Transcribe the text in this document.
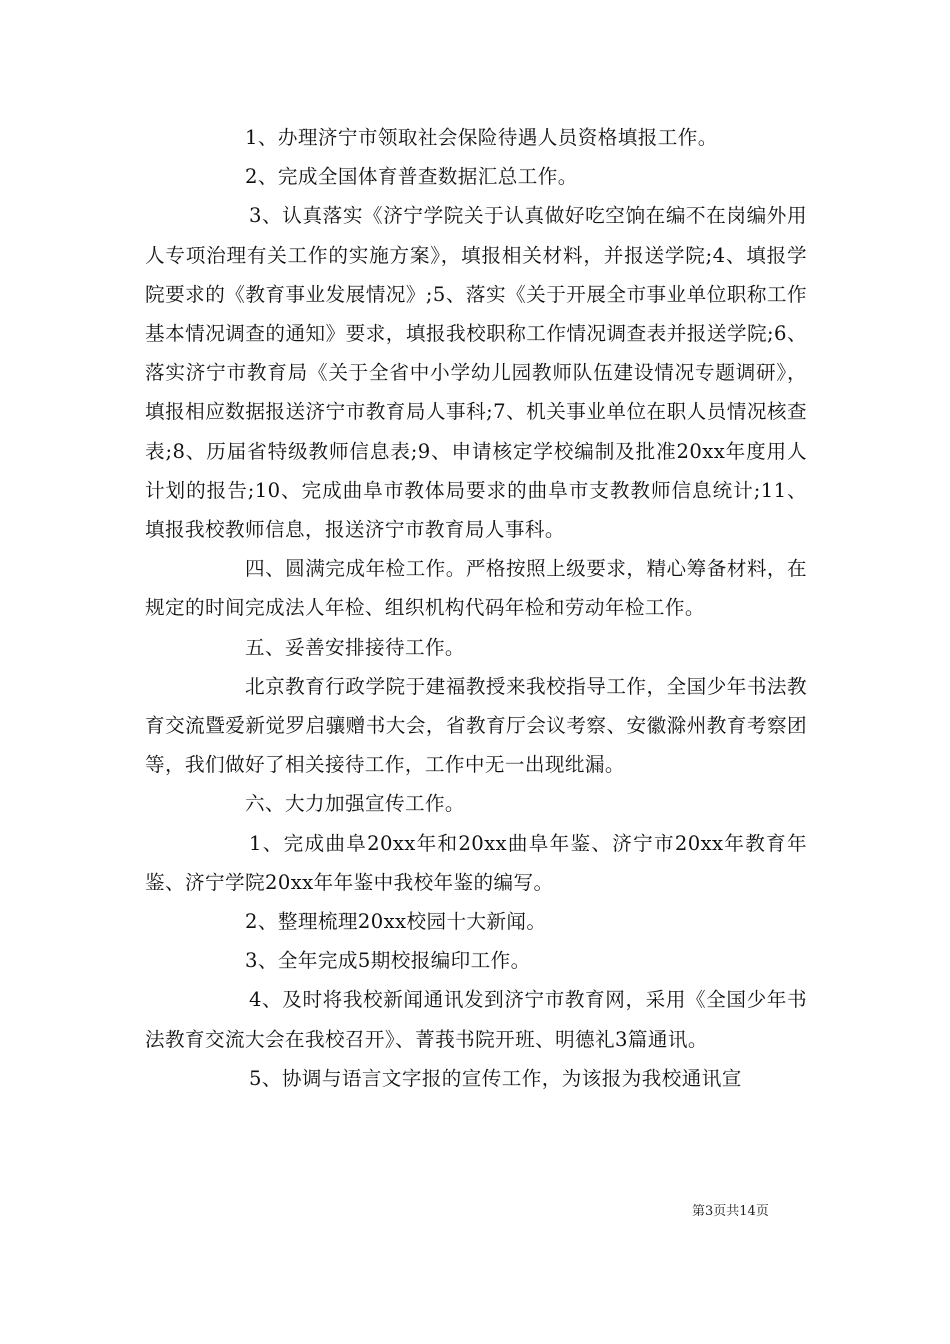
1、办理济宁市领取社会保险待遇人员资格填报工作。

2、完成全国体育普查数据汇总工作。

3、认真落实《济宁学院关于认真做好吃空饷在编不在岗编外用人专项治理有关工作的实施方案》，填报相关材料，并报送学院;4、填报学院要求的《教育事业发展情况》;5、落实《关于开展全市事业单位职称工作基本情况调查的通知》要求，填报我校职称工作情况调查表并报送学院;6、落实济宁市教育局《关于全省中小学幼儿园教师队伍建设情况专题调研》，填报相应数据报送济宁市教育局人事科;7、机关事业单位在职人员情况核查表;8、历届省特级教师信息表;9、申请核定学校编制及批准20xx年度用人计划的报告;10、完成曲阜市教体局要求的曲阜市支教教师信息统计;11、填报我校教师信息，报送济宁市教育局人事科。

四、圆满完成年检工作。严格按照上级要求，精心筹备材料，在规定的时间完成法人年检、组织机构代码年检和劳动年检工作。

五、妥善安排接待工作。

北京教育行政学院于建福教授来我校指导工作，全国少年书法教育交流暨爱新觉罗启骧赠书大会，省教育厅会议考察、安徽滁州教育考察团等，我们做好了相关接待工作，工作中无一出现纰漏。

六、大力加强宣传工作。

1、完成曲阜20xx年和20xx曲阜年鉴、济宁市20xx年教育年鉴、济宁学院20xx年年鉴中我校年鉴的编写。

2、整理梳理20xx校园十大新闻。

3、全年完成5期校报编印工作。

4、及时将我校新闻通讯发到济宁市教育网，采用《全国少年书法教育交流大会在我校召开》、菁莪书院开班、明德礼3篇通讯。

5、协调与语言文字报的宣传工作，为该报为我校通讯宣

第3页共14页
